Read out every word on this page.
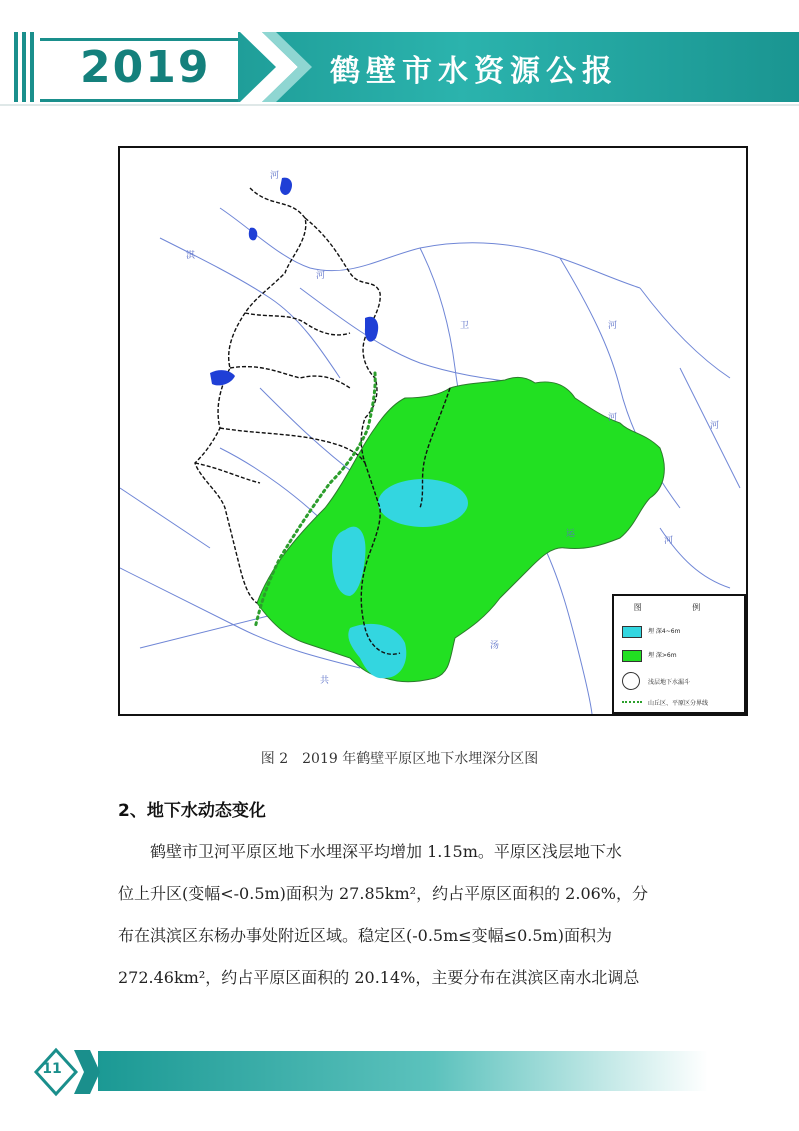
2019	鹤壁市水资源公报
河
淇
河
卫	河
河
共
运
河
汤
河
图 例
埋 深4~6m
埋 深>6m
浅层地下水漏斗
山丘区、平原区分界线
图 2　2019 年鹤壁平原区地下水埋深分区图
2、地下水动态变化
　　鹤壁市卫河平原区地下水埋深平均增加 1.15m。平原区浅层地下水
位上升区(变幅<-0.5m)面积为 27.85km²，约占平原区面积的 2.06%，分
布在淇滨区东杨办事处附近区域。稳定区(-0.5m≤变幅≤0.5m)面积为
272.46km²，约占平原区面积的 20.14%，主要分布在淇滨区南水北调总
11
